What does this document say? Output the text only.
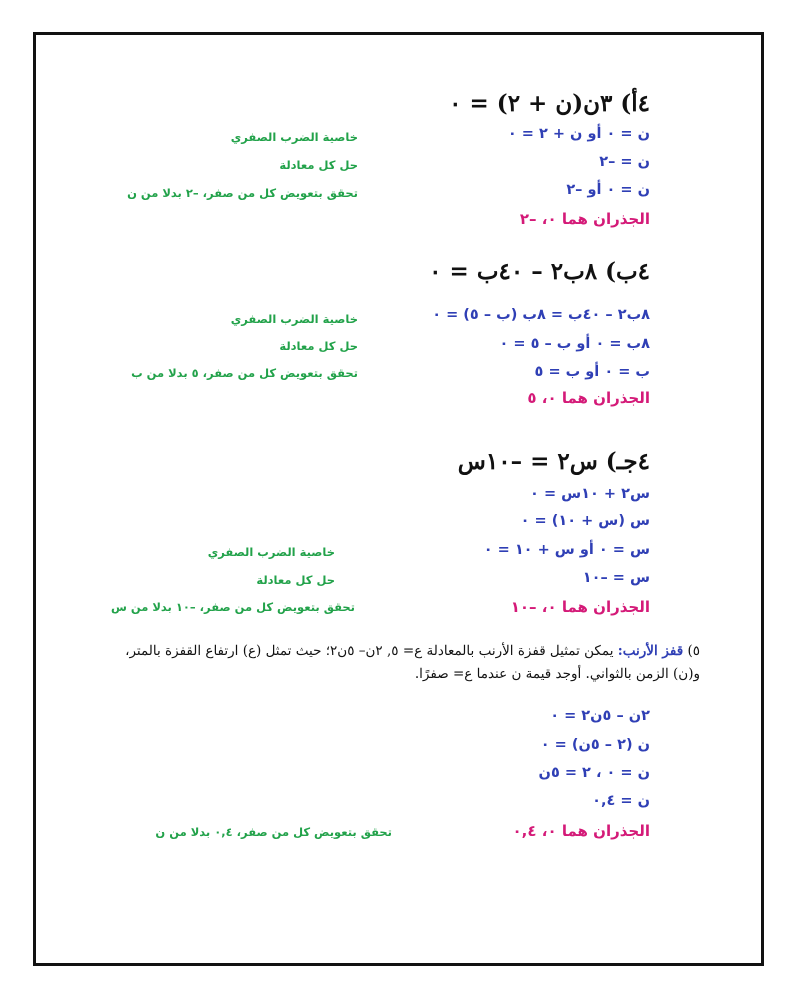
٤أ) ٣ن(ن + ٢) = ٠
ن = ٠ أو ن + ٢ = ٠
ن = –٢
ن = ٠ أو –٢
الجذران هما ٠، –٢
خاصية الضرب الصفري
حل كل معادلة
تحقق بتعويض كل من صفر، –٢ بدلا من ن
٤ب) ٨ب٢ – ٤٠ب = ٠
٨ب٢ – ٤٠ب = ٨ب (ب – ٥) = ٠
٨ب = ٠ أو ب – ٥ = ٠
ب = ٠ أو ب = ٥
الجذران هما ٠، ٥
خاصية الضرب الصفري
حل كل معادلة
تحقق بتعويض كل من صفر، ٥ بدلا من ب
٤جـ) س٢ = –١٠س
س٢ + ١٠س = ٠
س (س + ١٠) = ٠
س = ٠ أو س + ١٠ = ٠
س = –١٠
الجذران هما ٠، –١٠
خاصية الضرب الصفري
حل كل معادلة
تحقق بتعويض كل من صفر، –١٠ بدلا من س
٥) قفز الأرنب: يمكن تمثيل قفزة الأرنب بالمعادلة ع= ٥, ٢ن– ٥ن٢؛ حيث تمثل (ع) ارتفاع القفزة بالمتر، و(ن) الزمن بالثواني. أوجد قيمة ن عندما ع= صفرًا.
٢ن – ٥ن٢ = ٠
ن (٢ – ٥ن) = ٠
ن = ٠ ، ٢ = ٥ن
ن = ٠,٤
الجذران هما ٠، ٠,٤
تحقق بتعويض كل من صفر، ٠,٤ بدلا من ن
